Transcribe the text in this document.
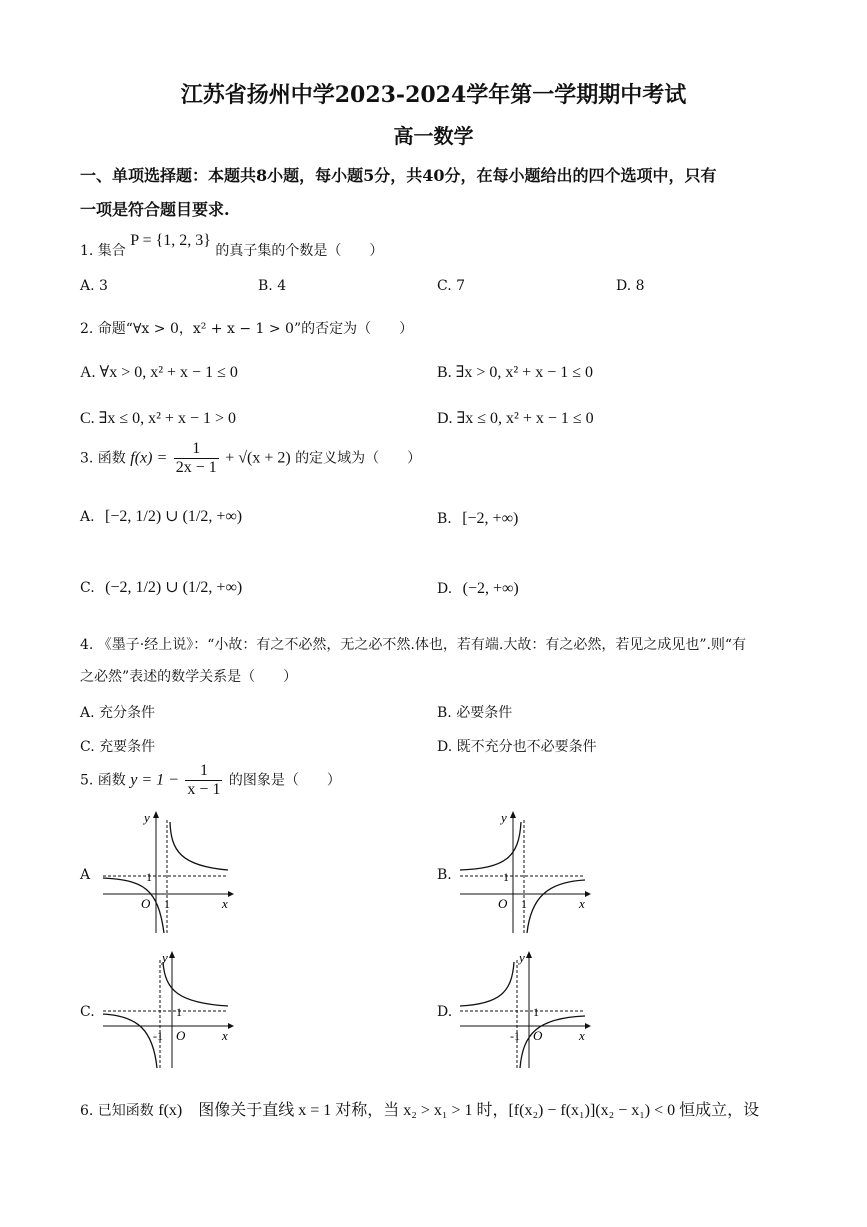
江苏省扬州中学2023-2024学年第一学期期中考试
高一数学
一、单项选择题：本题共8小题，每小题5分，共40分，在每小题给出的四个选项中，只有
一项是符合题目要求.
1. 集合 P = {1, 2, 3} 的真子集的个数是（　　）
A. 3	B. 4	C. 7	D. 8
2. 命题“∀x > 0，x² + x − 1 > 0”的否定为（　　）
A. ∀x > 0, x² + x − 1 ≤ 0	B. ∃x > 0, x² + x − 1 ≤ 0
C. ∃x ≤ 0, x² + x − 1 > 0	D. ∃x ≤ 0, x² + x − 1 ≤ 0
3. 函数 $f(x) = \frac{1}{2x - 1} + √(x + 2)$ 的定义域为（　　）
A. [−2, 1/2) ∪ (1/2, +∞)	B. [−2, +∞)
C. (−2, 1/2) ∪ (1/2, +∞)	D. (−2, +∞)
4. 《墨子·经上说》：“小故：有之不必然，无之必不然.体也，若有端.大故：有之必然，若见之成见也”.则“有
之必然”表述的数学关系是（　　）
A. 充分条件	B. 必要条件
C. 充要条件	D. 既不充分也不必要条件
5. 函数 $y = 1 - \frac{1}{x - 1}$ 的图象是（　　）
A	B.
C.	D.
y
x
O 1
1
y
x
O 1
1
y
x
O
-1
1
y
x
O
-1
1
6. 已知函数 f(x)　图像关于直线 x = 1 对称，当 x₂ > x₁ > 1 时，[f(x₂) − f(x₁)](x₂ − x₁) < 0 恒成立，设
